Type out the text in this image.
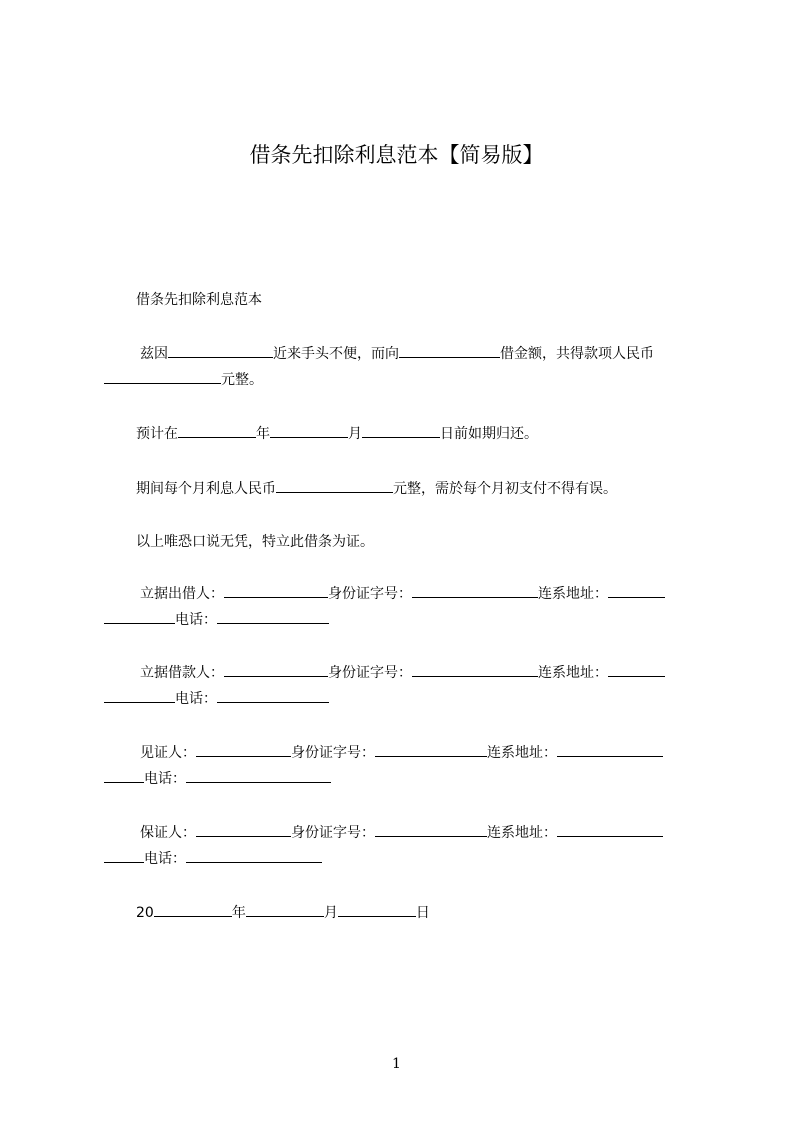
借条先扣除利息范本【简易版】
借条先扣除利息范本
兹因	近来手头不便，而向	借金额，共得款项人民币
元整。
预计在	年	月	日前如期归还。
期间每个月利息人民币	元整，需於每个月初支付不得有误。
以上唯恐口说无凭，特立此借条为证。
立据出借人：	身份证字号：	连系地址：
电话：
立据借款人：	身份证字号：	连系地址：
电话：
见证人：	身份证字号：	连系地址：
电话：
保证人：	身份证字号：	连系地址：
电话：
20	年	月	日
1
